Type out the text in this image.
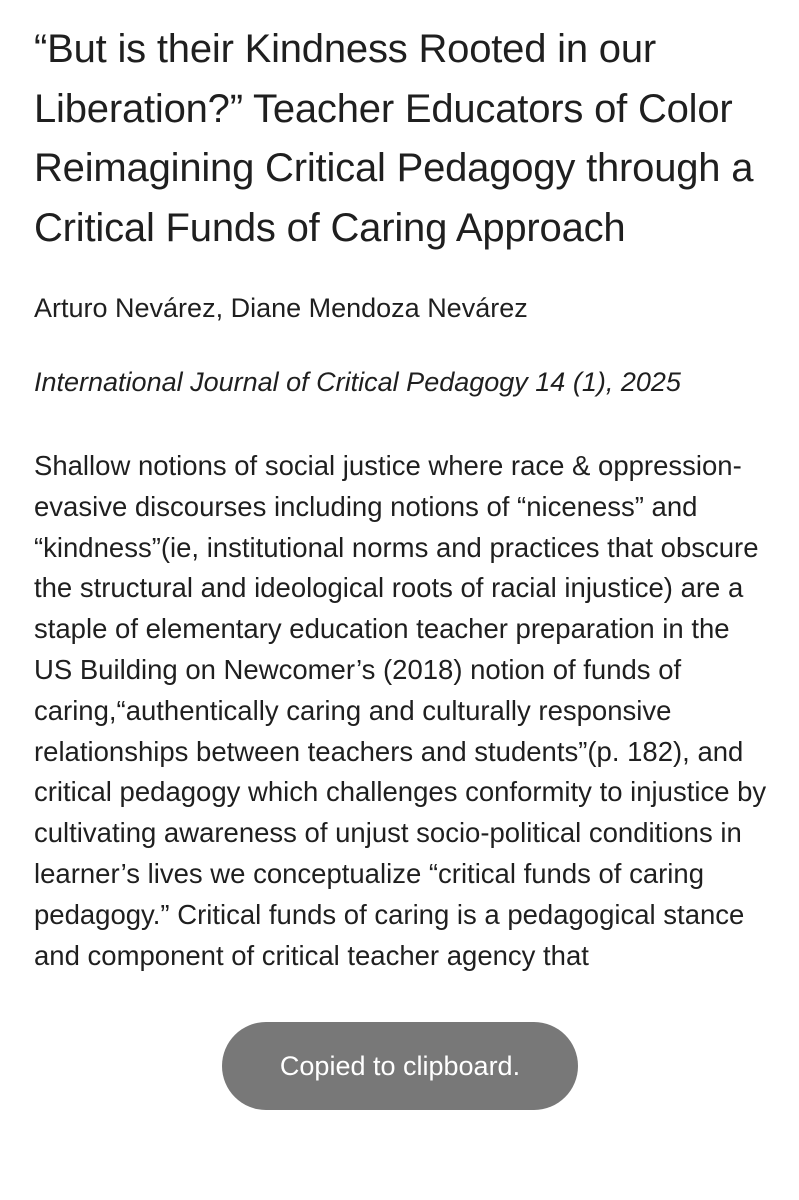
“But is their Kindness Rooted in our Liberation?” Teacher Educators of Color Reimagining Critical Pedagogy through a Critical Funds of Caring Approach
Arturo Nevárez, Diane Mendoza Nevárez
International Journal of Critical Pedagogy 14 (1), 2025
Shallow notions of social justice where race & oppression-evasive discourses including notions of “niceness” and “kindness”(ie, institutional norms and practices that obscure the structural and ideological roots of racial injustice) are a staple of elementary education teacher preparation in the US Building on Newcomer’s (2018) notion of funds of caring,“authentically caring and culturally responsive relationships between teachers and students”(p. 182), and critical pedagogy which challenges conformity to injustice by cultivating awareness of unjust socio-political conditions in learner’s lives we conceptualize “critical funds of caring pedagogy.” Critical funds of caring is a pedagogical stance and component of critical teacher agency that
Copied to clipboard.
